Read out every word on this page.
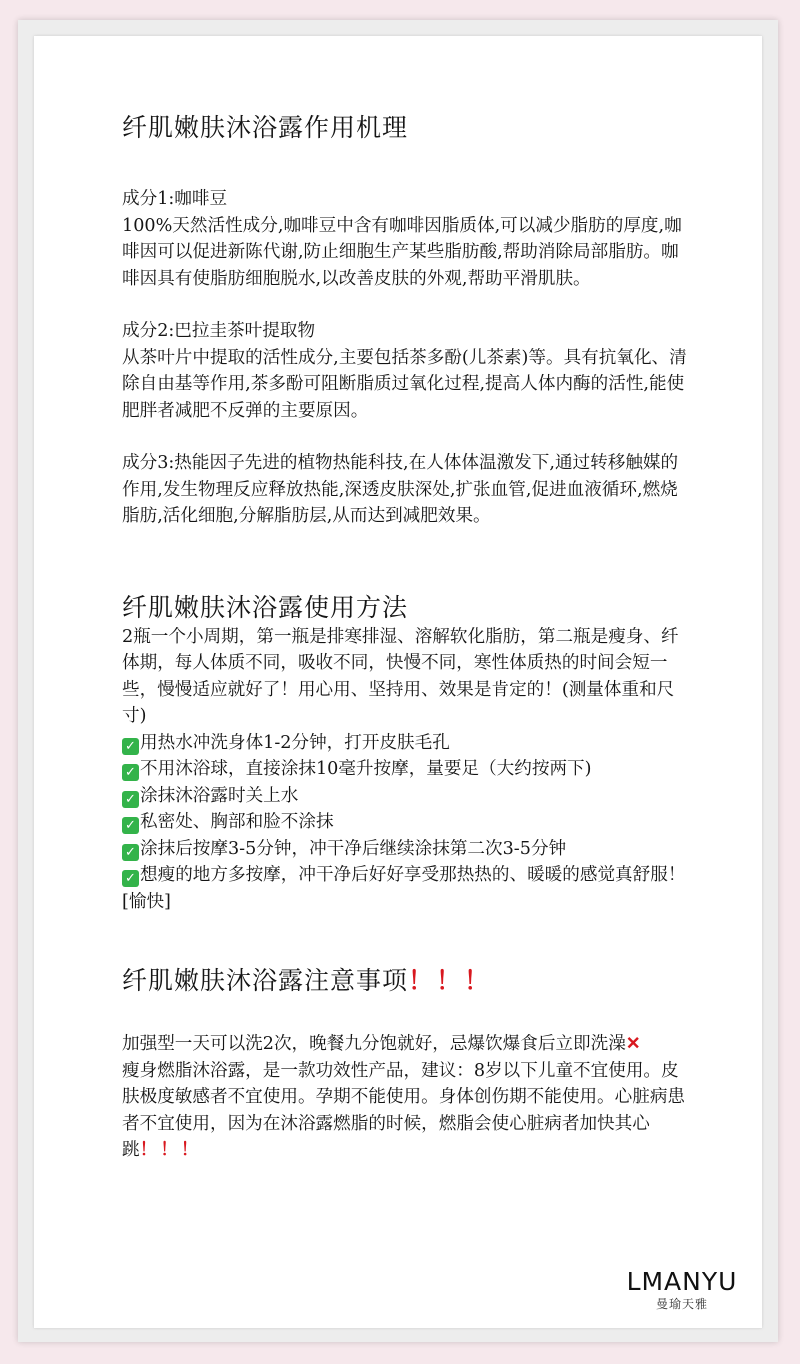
纤肌嫩肤沐浴露作用机理

成分1:咖啡豆

100%天然活性成分,咖啡豆中含有咖啡因脂质体,可以减少脂肪的厚度,咖啡因可以促进新陈代谢,防止细胞生产某些脂肪酸,帮助消除局部脂肪。咖啡因具有使脂肪细胞脱水,以改善皮肤的外观,帮助平滑肌肤。

成分2:巴拉圭茶叶提取物

从茶叶片中提取的活性成分,主要包括茶多酚(儿茶素)等。具有抗氧化、清除自由基等作用,茶多酚可阻断脂质过氧化过程,提高人体内酶的活性,能使肥胖者减肥不反弹的主要原因。

成分3:热能因子先进的植物热能科技,在人体体温激发下,通过转移触媒的作用,发生物理反应释放热能,深透皮肤深处,扩张血管,促进血液循环,燃烧脂肪,活化细胞,分解脂肪层,从而达到减肥效果。

纤肌嫩肤沐浴露使用方法

2瓶一个小周期，第一瓶是排寒排湿、溶解软化脂肪，第二瓶是瘦身、纤体期，每人体质不同，吸收不同，快慢不同，寒性体质热的时间会短一些，慢慢适应就好了！用心用、坚持用、效果是肯定的！(测量体重和尺寸)

✓ 用热水冲洗身体1-2分钟，打开皮肤毛孔
✓ 不用沐浴球，直接涂抹10毫升按摩，量要足（大约按两下)
✓ 涂抹沐浴露时关上水
✓ 私密处、胸部和脸不涂抹
✓ 涂抹后按摩3-5分钟，冲干净后继续涂抹第二次3-5分钟
✓ 想瘦的地方多按摩，冲干净后好好享受那热热的、暖暖的感觉真舒服！[愉快]
纤肌嫩肤沐浴露注意事项！！！

加强型一天可以洗2次，晚餐九分饱就好，忌爆饮爆食后立即洗澡✕

瘦身燃脂沐浴露，是一款功效性产品，建议：8岁以下儿童不宜使用。皮肤极度敏感者不宜使用。孕期不能使用。身体创伤期不能使用。心脏病患者不宜使用，因为在沐浴露燃脂的时候，燃脂会使心脏病者加快其心跳！！！

LMANYU
曼瑜天雅
